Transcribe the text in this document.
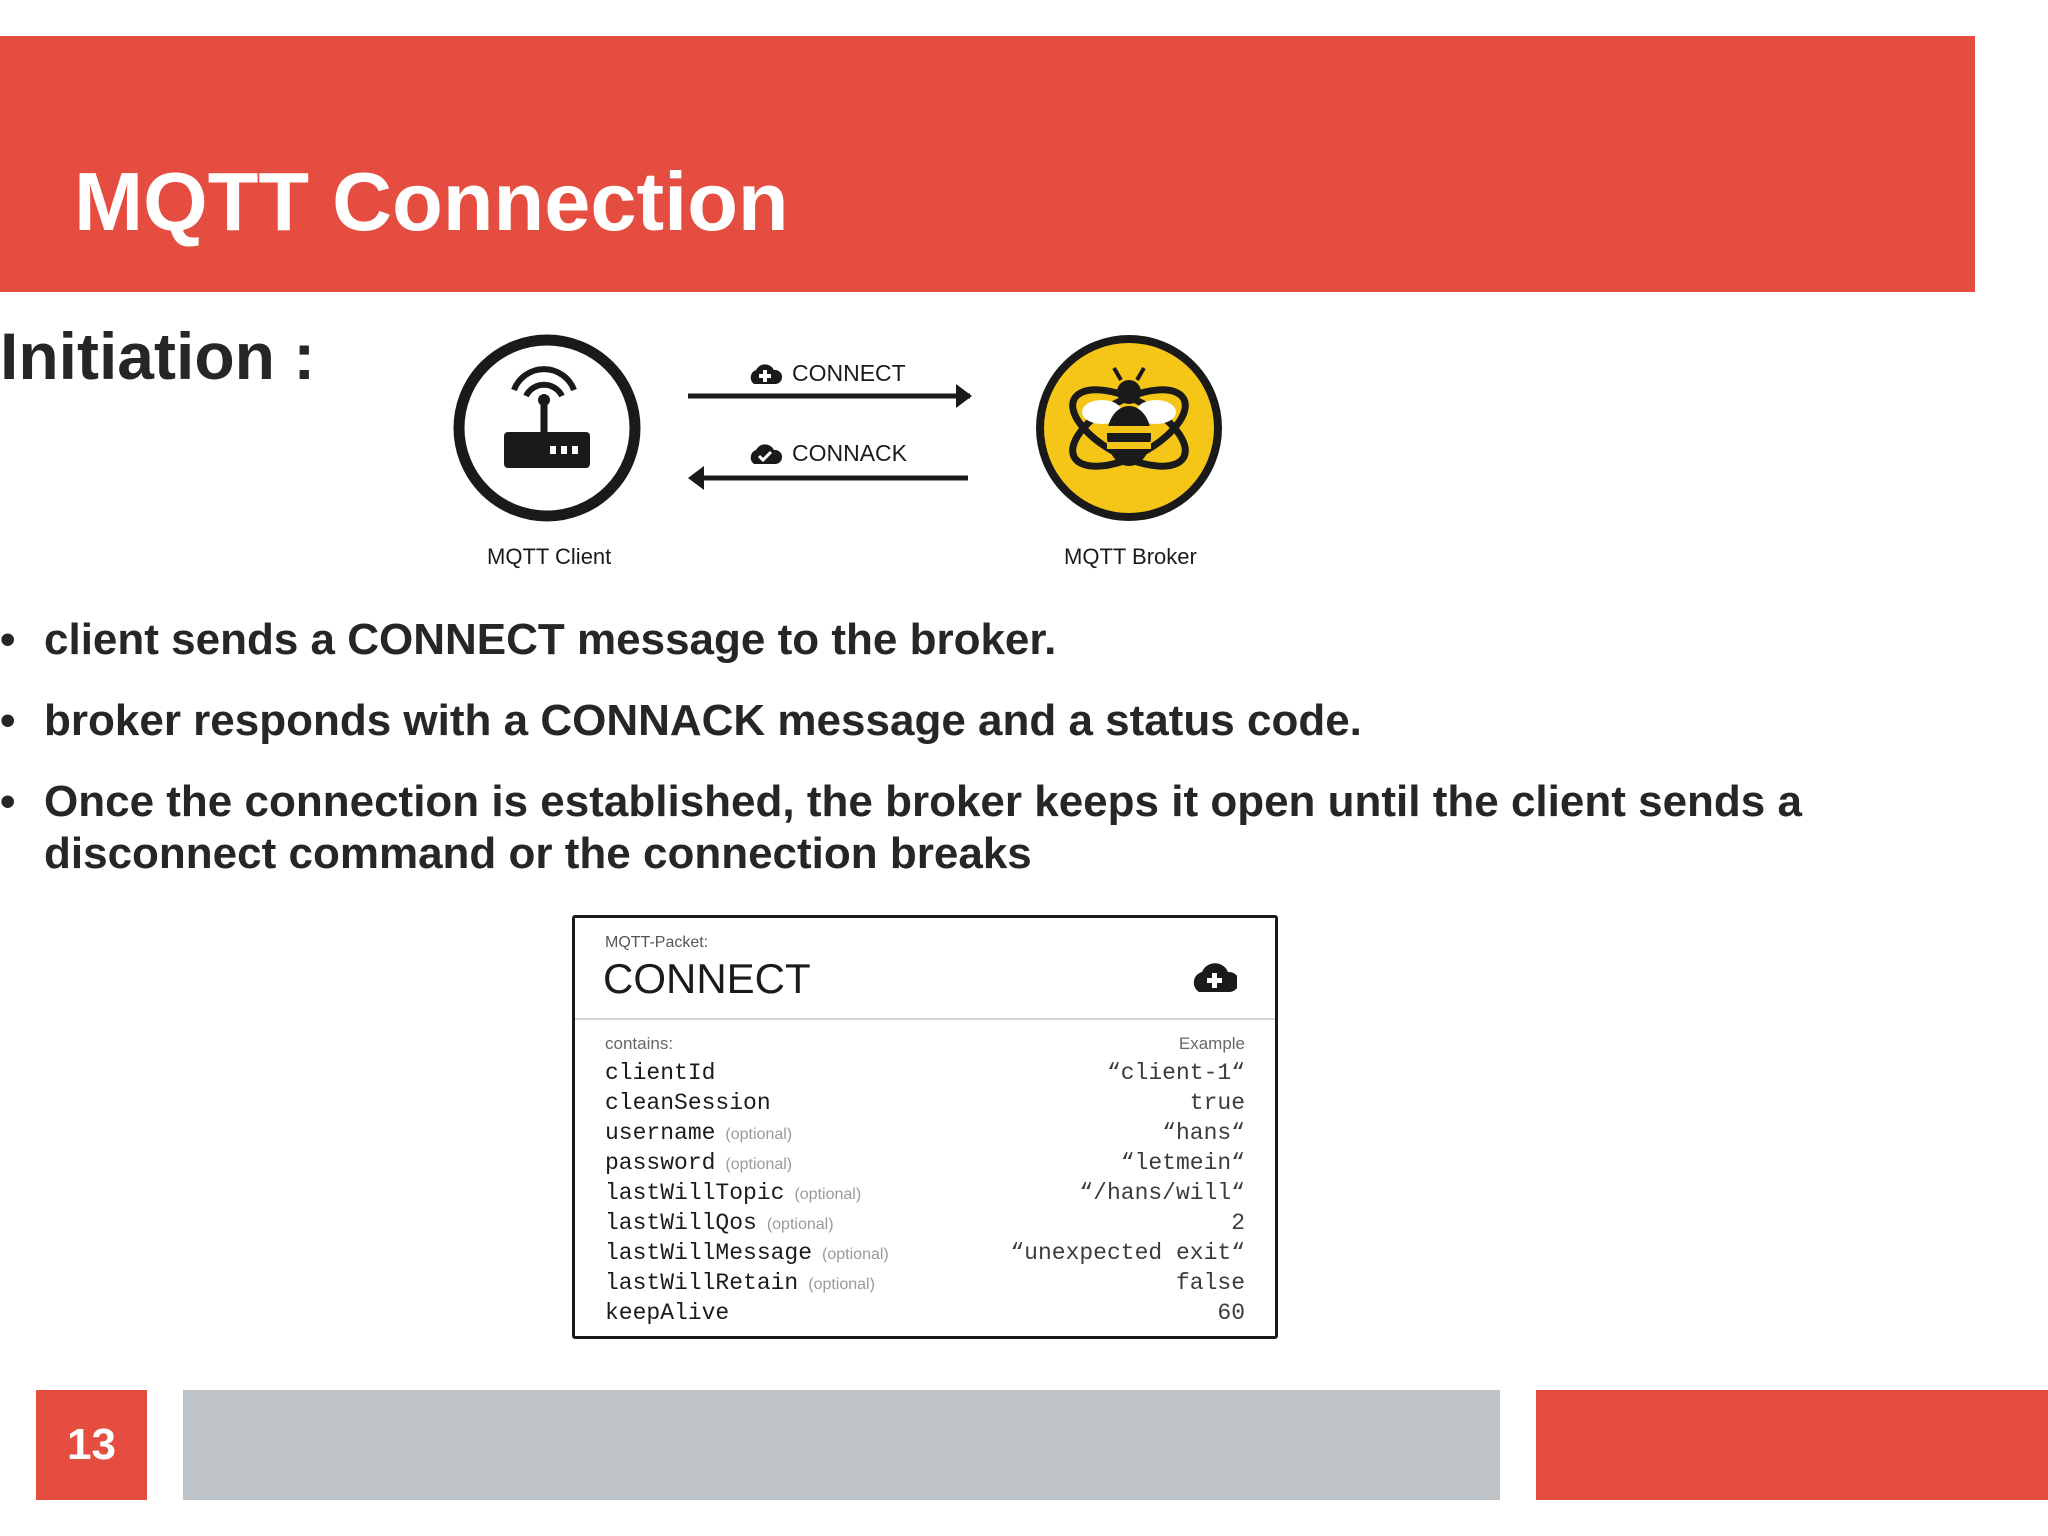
MQTT Connection
Initiation :	CONNECT
CONNACK
MQTT Client	MQTT Broker
• client sends a CONNECT message to the broker.
• broker responds with a CONNACK message and a status code.
• Once the connection is established, the broker keeps it open until the client sends a disconnect command or the connection breaks
MQTT-Packet:
CONNECT
contains:	Example
clientId	“client-1“
cleanSession	true
username (optional)	“hans“
password (optional)	“letmein“
lastWillTopic (optional)	“/hans/will“
lastWillQos (optional)	2
lastWillMessage (optional)	“unexpected exit“
lastWillRetain (optional)	false
keepAlive	60
13
